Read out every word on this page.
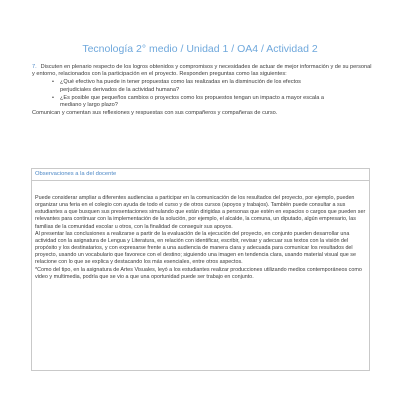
Tecnología 2° medio / Unidad 1 / OA4 / Actividad 2
7. Discuten en plenario respecto de los logros obtenidos y compromisos y necesidades de actuar de mejor información y de su personal y entorno, relacionados con la participación en el proyecto. Responden preguntas como las siguientes:
• ¿Qué efectivo ha puede in tener propuestas como las realizadas en la disminución de los efectos perjudiciales derivados de la actividad humana?
• ¿Es posible que pequeños cambios o proyectos como los propuestos tengan un impacto a mayor escala a mediano y largo plazo?
Comunican y comentan sus reflexiones y respuestas con sus compañeros y compañeras de curso.
Observaciones a la del docente

Puede considerar ampliar a diferentes audiencias a participar en la comunicación de los resultados del proyecto, por ejemplo, pueden organizar una feria en el colegio con ayuda de todo el curso y de otros cursos (apoyos y trabajos). También puede consultar a sus estudiantes a que busquen sus presentaciones simulando que están dirigidas a personas que estén en espacios o cargos que pueden ser relevantes para continuar con la implementación de la solución, por ejemplo, el alcalde, la comuna, un diputado, algún empresario, las familias de la comunidad escolar u otros, con la finalidad de conseguir sus apoyos.

Al presentar las conclusiones a realizarse a partir de la evaluación de la ejecución del proyecto, en conjunto pueden desarrollar una actividad con la asignatura de Lengua y Literatura, en relación con identificar, escribir, revisar y adecuar sus textos con la visión del propósito y los destinatarios, y con expresarse frente a una audiencia de manera clara y adecuada para comunicar los resultados del proyecto, usando un vocabulario que favorece con el destino; siguiendo una imagen en tendencia clara, usando material visual que se relacione con lo que se explica y destacando los más esenciales, entre otros aspectos.

*Como del tipo, en la asignatura de Artes Visuales, leyó a los estudiantes realizar producciones utilizando medios contemporáneos como video y multimedia, podría que se vio a que una oportunidad puede ser trabajo en conjunto.
